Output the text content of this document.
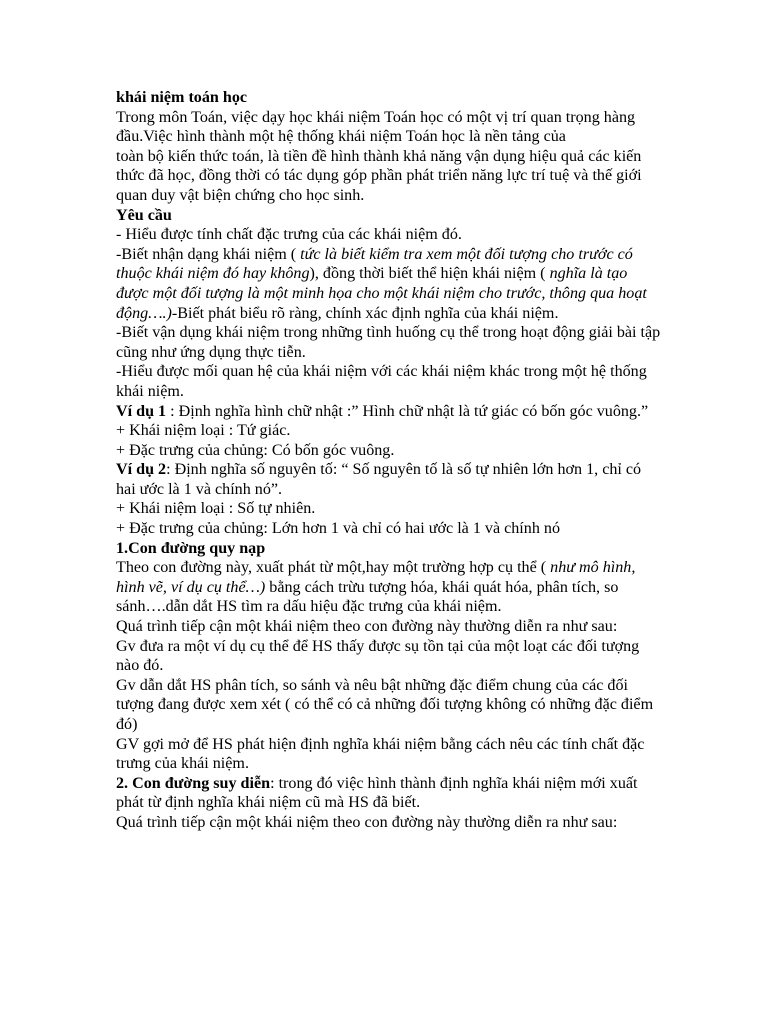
khái niệm toán học

Trong môn Toán, việc dạy học khái niệm Toán học có một vị trí quan trọng hàng đầu.Việc hình thành một hệ thống khái niệm Toán học là nền tảng của

toàn bộ kiến thức toán, là tiền đề hình thành khả năng vận dụng hiệu quả các kiến thức đã học, đồng thời có tác dụng góp phần phát triển năng lực trí tuệ và thế giới quan duy vật biện chứng cho học sinh.

Yêu cầu

- Hiểu được tính chất đặc trưng của các khái niệm đó.

-Biết nhận dạng khái niệm ( tức là biết kiểm tra xem một đối tượng cho trước có thuộc khái niệm đó hay không), đồng thời biết thể hiện khái niệm ( nghĩa là tạo được một đối tượng là một minh họa cho một khái niệm cho trước, thông qua hoạt động….)-Biết phát biểu rõ ràng, chính xác định nghĩa của khái niệm.

-Biết vận dụng khái niệm trong những tình huống cụ thể trong hoạt động giải bài tập cũng như ứng dụng thực tiễn.

-Hiểu được mối quan hệ của khái niệm với các khái niệm khác trong một hệ thống khái niệm.

Ví dụ 1 : Định nghĩa hình chữ nhật :” Hình chữ nhật là tứ giác có bốn góc vuông.”

+ Khái niệm loại : Tứ giác.

+ Đặc trưng của chủng: Có bốn góc vuông.

Ví dụ 2: Định nghĩa số nguyên tố: “ Số nguyên tố là số tự nhiên lớn hơn 1, chỉ có hai ước là 1 và chính nó”.

+ Khái niệm loại : Số tự nhiên.

+ Đặc trưng của chủng: Lớn hơn 1 và chỉ có hai ước là 1 và chính nó

1.Con đường quy nạp

Theo con đường này, xuất phát từ một,hay một trường hợp cụ thể ( như mô hình, hình vẽ, ví dụ cụ thể…) bằng cách trừu tượng hóa, khái quát hóa, phân tích, so sánh….dẫn dắt HS tìm ra dấu hiệu đặc trưng của khái niệm.

Quá trình tiếp cận một khái niệm theo con đường này thường diễn ra như sau:

Gv đưa ra một ví dụ cụ thể để HS thấy được sụ tồn tại của một loạt các đối tượng nào đó.

Gv dẫn dắt HS phân tích, so sánh và nêu bật những đặc điểm chung của các đối tượng đang được xem xét ( có thể có cả những đối tượng không có những đặc điểm đó)

GV gợi mở để HS phát hiện định nghĩa khái niệm bằng cách nêu các tính chất đặc trưng của khái niệm.

2. Con đường suy diễn: trong đó việc hình thành định nghĩa khái niệm mới xuất phát từ định nghĩa khái niệm cũ mà HS đã biết.

Quá trình tiếp cận một khái niệm theo con đường này thường diễn ra như sau:
